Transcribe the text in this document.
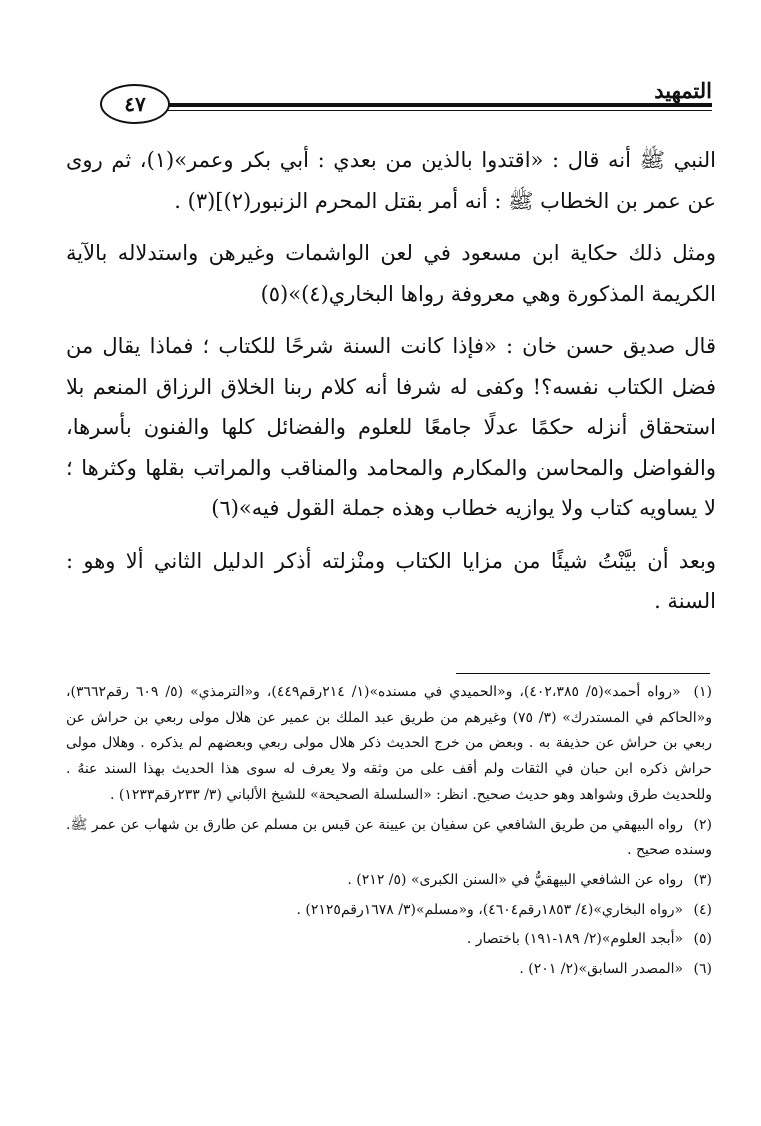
التمهيد
٤٧

النبي ﷺ أنه قال : «اقتدوا بالذين من بعدي : أبي بكر وعمر»(١)، ثم روى عن عمر بن الخطاب ﷺ : أنه أمر بقتل المحرم الزنبور(٢)](٣) .

ومثل ذلك حكاية ابن مسعود في لعن الواشمات وغيرهن واستدلاله بالآية الكريمة المذكورة وهي معروفة رواها البخاري(٤)»(٥)

قال صديق حسن خان : «فإذا كانت السنة شرحًا للكتاب ؛ فماذا يقال من فضل الكتاب نفسه؟! وكفى له شرفا أنه كلام ربنا الخلاق الرزاق المنعم بلا استحقاق أنزله حكمًا عدلًا جامعًا للعلوم والفضائل كلها والفنون بأسرها، والفواضل والمحاسن والمكارم والمحامد والمناقب والمراتب بقلها وكثرها ؛ لا يساويه كتاب ولا يوازيه خطاب وهذه جملة القول فيه»(٦)

وبعد أن بيَّنْتُ شيئًا من مزايا الكتاب ومنْزلته أذكر الدليل الثاني ألا وهو : السنة .

(١) «رواه أحمد»(٥/ ٤٠٢،٣٨٥)، و«الحميدي في مسنده»(١/ ٢١٤رقم٤٤٩)، و«الترمذي» (٥/ ٦٠٩ رقم٣٦٦٢)، و«الحاكم في المستدرك» (٣/ ٧٥) وغيرهم من طريق عبد الملك بن عمير عن هلال مولى ربعي بن حراش عن ربعي بن حراش عن حذيفة به . وبعض من خرج الحديث ذكر هلال مولى ربعي وبعضهم لم يذكره . وهلال مولى حراش ذكره ابن حبان في الثقات ولم أقف على من وثقه ولا يعرف له سوى هذا الحديث بهذا السند عنهُ . وللحديث طرق وشواهد وهو حديث صحيح. انظر: «السلسلة الصحيحة» للشيخ الألباني (٣/ ٢٣٣رقم١٢٣٣) .
(٢) رواه البيهقي من طريق الشافعي عن سفيان بن عيينة عن قيس بن مسلم عن طارق بن شهاب عن عمر ﷺ. وسنده صحيح .
(٣) رواه عن الشافعي البيهقيُّ في «السنن الكبرى» (٥/ ٢١٢) .
(٤) «رواه البخاري»(٤/ ١٨٥٣رقم٤٦٠٤)، و«مسلم»(٣/ ١٦٧٨رقم٢١٢٥) .
(٥) «أبجد العلوم»(٢/ ١٨٩-١٩١) باختصار .
(٦) «المصدر السابق»(٢/ ٢٠١) .
